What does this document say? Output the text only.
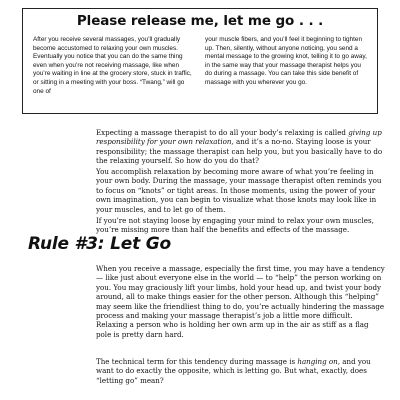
Please release me, let me go . . .

After you receive several massages, you’ll gradually become accustomed to relaxing your own muscles. Eventually you notice that you can do the same thing even when you’re not receiving massage, like when you’re waiting in line at the grocery store, stuck in traffic, or sitting in a meeting with your boss. “Twang,” will go one of

your muscle fibers, and you’ll feel it beginning to tighten up. Then, silently, without anyone noticing, you send a mental message to the growing knot, telling it to go away, in the same way that your massage therapist helps you do during a massage. You can take this side benefit of massage with you wherever you go.

Expecting a massage therapist to do all your body’s relaxing is called giving up responsibility for your own relaxation, and it’s a no-no. Staying loose is your responsibility; the massage therapist can help you, but you basically have to do the relaxing yourself. So how do you do that?

You accomplish relaxation by becoming more aware of what you’re feeling in your own body. During the massage, your massage therapist often reminds you to focus on “knots” or tight areas. In those moments, using the power of your own imagination, you can begin to visualize what those knots may look like in your muscles, and to let go of them.

If you’re not staying loose by engaging your mind to relax your own muscles, you’re missing more than half the benefits and effects of the massage.

Rule #3: Let Go

When you receive a massage, especially the first time, you may have a tendency — like just about everyone else in the world — to “help” the person working on you. You may graciously lift your limbs, hold your head up, and twist your body around, all to make things easier for the other person. Although this “helping” may seem like the friendliest thing to do, you’re actually hindering the massage process and making your massage therapist’s job a little more difficult. Relaxing a person who is holding her own arm up in the air as stiff as a flag pole is pretty darn hard.

The technical term for this tendency during massage is hanging on, and you want to do exactly the opposite, which is letting go. But what, exactly, does “letting go” mean?
